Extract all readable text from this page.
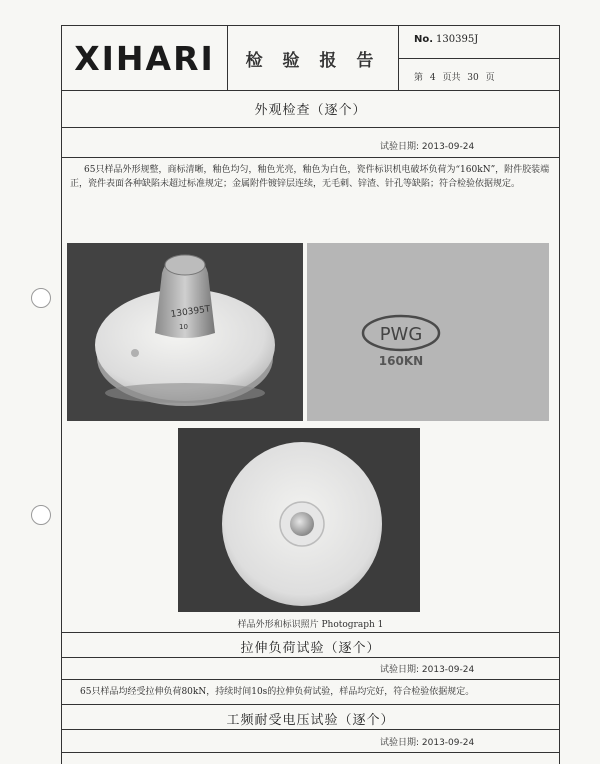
XIHARI	检 验 报 告
No. 130395J
第 4 页共 30 页
外观检查（逐个）
试验日期: 2013-09-24
65只样品外形规整，商标清晰，釉色均匀，釉色光亮，釉色为白色，瓷件标识机电破坏负荷为“160kN”，附件胶装端正，瓷件表面各种缺陷未超过标准规定；金属附件镀锌层连续，无毛刺、锌渣、针孔等缺陷；符合检验依据规定。
130395T
10	PWG
160KN
样品外形和标识照片 Photograph 1
拉伸负荷试验（逐个）
试验日期: 2013-09-24
65只样品均经受拉伸负荷80kN，持续时间10s的拉伸负荷试验，样品均完好，符合检验依据规定。
工频耐受电压试验（逐个）
试验日期: 2013-09-24
